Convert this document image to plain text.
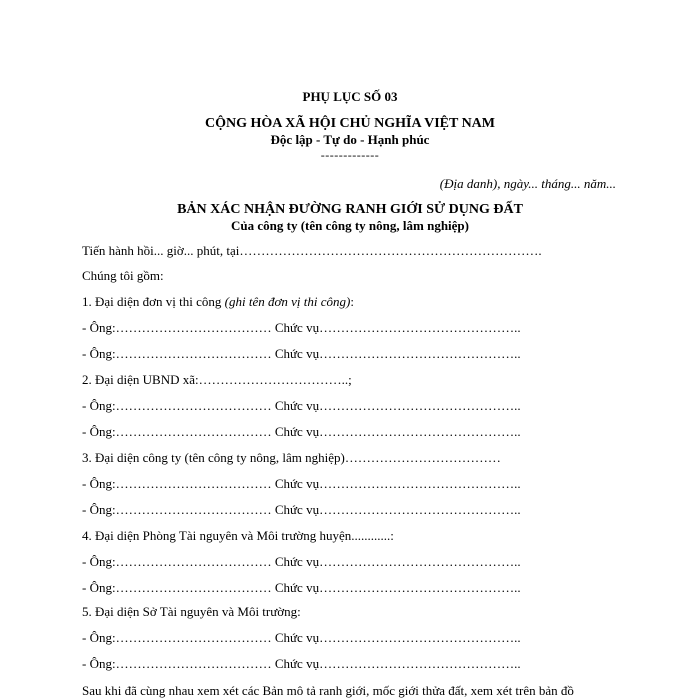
PHỤ LỤC SỐ 03
CỘNG HÒA XÃ HỘI CHỦ NGHĨA VIỆT NAM
Độc lập - Tự do - Hạnh phúc
-------------
(Địa danh), ngày... tháng... năm...
BẢN XÁC NHẬN ĐƯỜNG RANH GIỚI SỬ DỤNG ĐẤT
Của công ty (tên công ty nông, lâm nghiệp)
Tiến hành hồi... giờ... phút, tại…………………………………………………………….
Chúng tôi gồm:
1. Đại diện đơn vị thi công (ghi tên đơn vị thi công):
- Ông:……………………………… Chức vụ………………………………………..
- Ông:……………………………… Chức vụ………………………………………..
2. Đại diện UBND xã:……………………………..;
- Ông:……………………………… Chức vụ………………………………………..
- Ông:……………………………… Chức vụ………………………………………..
3. Đại diện công ty (tên công ty nông, lâm nghiệp)………………………………
- Ông:……………………………… Chức vụ………………………………………..
- Ông:……………………………… Chức vụ………………………………………..
4. Đại diện Phòng Tài nguyên và Môi trường huyện............:
- Ông:……………………………… Chức vụ………………………………………..
- Ông:……………………………… Chức vụ………………………………………..
5. Đại diện Sở Tài nguyên và Môi trường:
- Ông:……………………………… Chức vụ………………………………………..
- Ông:……………………………… Chức vụ………………………………………..
Sau khi đã cùng nhau xem xét các Bản mô tả ranh giới, mốc giới thửa đất, xem xét trên bản đồ
